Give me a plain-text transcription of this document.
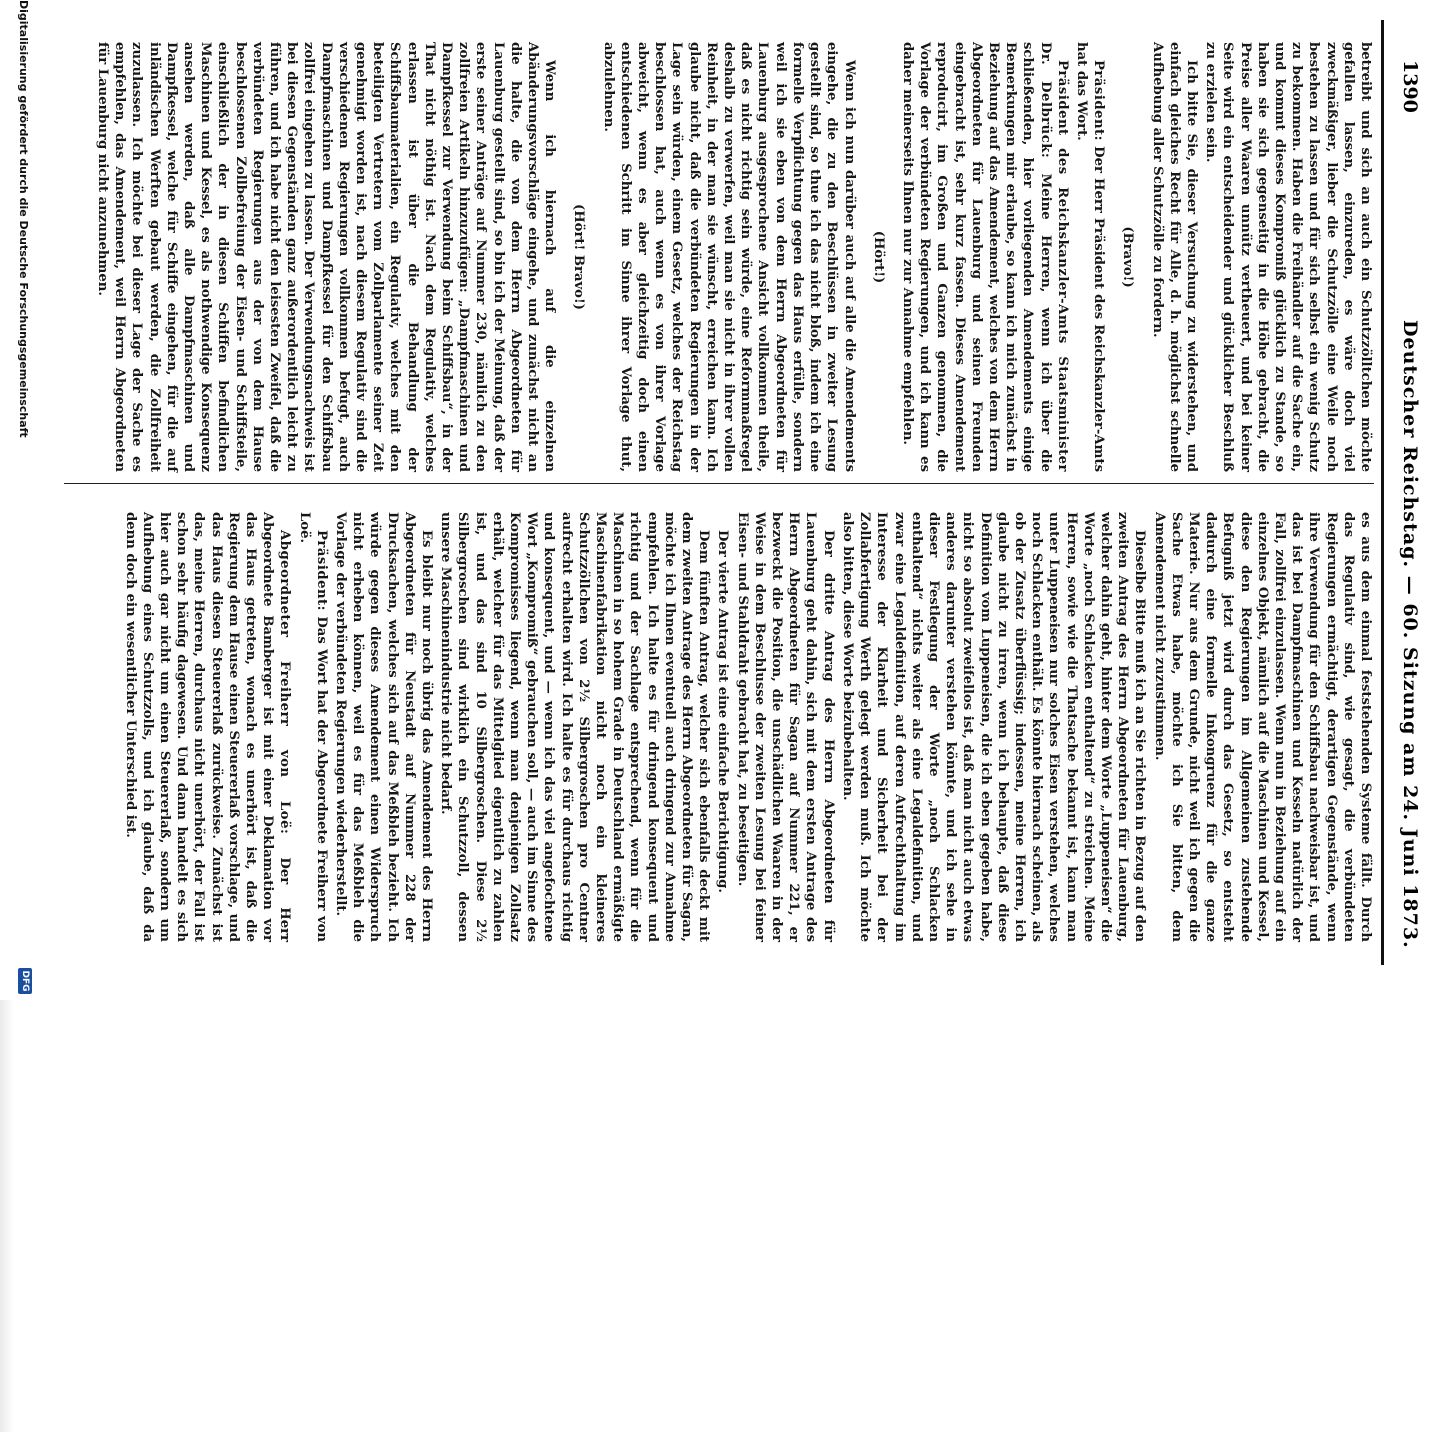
1390
Deutscher Reichstag. — 60. Sitzung am 24. Juni 1873.

betreibt und sich an auch ein Schutzzölltchen möchte gefallen lassen, einzureden, es wäre doch viel zweckmäßiger, lieber die Schutzzölle eine Weile noch bestehen zu lassen und für sich selbst ein wenig Schutz zu bekommen. Haben die Freihändler auf die Sache ein, und kommt dieses Kompromiß glücklich zu Stande, so haben sie sich gegenseitig in die Höhe gebracht, die Preise aller Waaren unnütz vertheuert, und bei keiner Seite wird ein entscheidender und glücklicher Beschluß zu erzielen sein.

Ich bitte Sie, dieser Versuchung zu widerstehen, und einfach gleiches Recht für Alle, d. h. möglichst schnelle Aufhebung aller Schutzzölle zu fordern.

(Bravo!)

Präsident: Der Herr Präsident des Reichskanzler-Amts hat das Wort.

Präsident des Reichskanzler-Amts Staatsminister Dr. Delbrück: Meine Herren, wenn ich über die schließenden, hier vorliegenden Amendements einige Bemerkungen mir erlaube, so kann ich mich zunächst in Beziehung auf das Amendement, welches von dem Herrn Abgeordneten für Lauenburg und seinen Freunden eingebracht ist, sehr kurz fassen. Dieses Amendement reproducirt, im Großen und Ganzen genommen, die Vorlage der verbündeten Regierungen, und ich kann es daher meinerseits Ihnen nur zur Annahme empfehlen.

(Hört!)

Wenn ich nun darüber auch auf alle die Amendements eingehe, die zu den Beschlüssen in zweiter Lesung gestellt sind, so thue ich das nicht bloß, indem ich eine formelle Verpflichtung gegen das Haus erfülle, sondern weil ich sie eben von dem Herrn Abgeordneten für Lauenburg ausgesprochene Ansicht vollkommen theile, daß es nicht richtig sein würde, eine Reformmaßregel deshalb zu verwerfen, weil man sie nicht in ihrer vollen Reinheit, in der man sie wünscht, erreichen kann. Ich glaube nicht, daß die verbündeten Regierungen in der Lage sein würden, einem Gesetz, welches der Reichstag beschlossen hat, auch wenn es von ihrer Vorlage abweicht, wenn es aber gleichzeitig doch einen entschiedenen Schritt im Sinne ihrer Vorlage thut, abzulehnen.

(Hört! Bravo!)

Wenn ich hiernach auf die einzelnen Abänderungsvorschläge eingehe, und zunächst nicht an die halte, die von dem Herrn Abgeordneten für Lauenburg gestellt sind, so bin ich der Meinung, daß der erste seiner Anträge auf Nummer 230, nämlich zu den zollfreien Artikeln hinzuzufügen: „Dampfmaschinen und Dampfkessel zur Verwendung beim Schiffsbau“, in der That nicht nöthig ist. Nach dem Regulativ, welches erlassen ist über die Behandlung der Schiffsbaumaterialien, ein Regulativ, welches mit den beteiligten Vertretern vom Zollparlamente seiner Zeit genehmigt worden ist, nach diesem Regulativ sind die verschiedenen Regierungen vollkommen befugt, auch Dampfmaschinen und Dampfkessel für den Schiffsbau zollfrei eingehen zu lassen. Der Verwendungsnachweis ist bei diesen Gegenständen ganz außerordentlich leicht zu führen, und ich habe nicht den leisesten Zweifel, daß die verbündeten Regierungen aus der von dem Hause beschlossenen Zollbefreiung der Eisen- und Schiffsteile, einschließlich der in diesen Schiffen befindlichen Maschinen und Kessel, es als nothwendige Konsequenz ansehen werden, daß alle Dampfmaschinen und Dampfkessel, welche für Schiffe eingehen, für die auf inländischen Werften gebaut werden, die Zollfreiheit zuzulassen. Ich möchte bei dieser Lage der Sache es empfehlen, das Amendement, weil Herrn Abgeordneten für Lauenburg nicht anzunehmen.

es aus dem einmal feststehenden Systeme fällt. Durch das Regulativ sind, wie gesagt, die verbündeten Regierungen ermächtigt, derartigen Gegenstände, wenn ihre Verwendung für den Schiffsbau nachweisbar ist, und das ist bei Dampfmaschinen und Kesseln natürlich der Fall, zollfrei einzulassen. Wenn nun in Beziehung auf ein einzelnes Objekt, nämlich auf die Maschinen und Kessel, diese den Regierungen im Allgemeinen zustehende Befugniß jetzt wird durch das Gesetz, so entsteht dadurch eine formelle Inkongruenz für die ganze Materie. Nur aus dem Grunde, nicht weil ich gegen die Sache Etwas habe, möchte ich Sie bitten, dem Amendement nicht zuzustimmen.

Dieselbe Bitte muß ich an Sie richten in Bezug auf den zweiten Antrag des Herrn Abgeordneten für Lauenburg, welcher dahin geht, hinter dem Worte „Luppeneisen“ die Worte „noch Schlacken enthaltend“ zu streichen. Meine Herren, sowie wie die Thatsache bekannt ist, kann man unter Luppeneisen nur solches Eisen verstehen, welches noch Schlacken enthält. Es könnte hiernach scheinen, als ob der Zusatz überflüssig; indessen, meine Herren, ich glaube nicht zu irren, wenn ich behaupte, daß diese Definition vom Luppeneisen, die ich eben gegeben habe, nicht so absolut zweifellos ist, daß man nicht auch etwas anderes darunter verstehen könnte, und ich sehe in dieser Festlegung der Worte „noch Schlacken enthaltend“ nichts weiter als eine Legaldefinition, und zwar eine Legaldefinition, auf deren Aufrechthaltung im Interesse der Klarheit und Sicherheit bei der Zollabfertigung Werth gelegt werden muß. Ich möchte also bitten, diese Worte beizubehalten.

Der dritte Antrag des Herrn Abgeordneten für Lauenburg geht dahin, sich mit dem ersten Antrage des Herrn Abgeordneten für Sagan auf Nummer 221, er bezweckt die Position, die unschädlichen Waaren in der Weise in dem Beschlusse der zweiten Lesung bei feiner Eisen- und Stahldraht gebracht hat, zu beseitigen.

Der vierte Antrag ist eine einfache Berichtigung.

Dem fünften Antrag, welcher sich ebenfalls deckt mit dem zweiten Antrage des Herrn Abgeordneten für Sagan, möchte ich Ihnen eventuell auch dringend zur Annahme empfehlen. Ich halte es für dringend konsequent und richtig und der Sachlage entsprechend, wenn für die Maschinen in so hohem Grade in Deutschland ermäßigte Maschinenfabrikation nicht noch ein kleineres Schutzzöllchen von 2½ Silbergroschen pro Centner aufrecht erhalten wird. Ich halte es für durchaus richtig und konsequent, und — wenn ich das viel angefochtene Wort „Kompromiß“ gebrauchen soll, — auch im Sinne des Kompromisses liegend, wenn man denjenigen Zollsatz erhält, welcher für das Mittelglied eigentlich zu zahlen ist, und das sind 10 Silbergroschen. Diese 2½ Silbergroschen sind wirklich ein Schutzzoll, dessen unsere Maschinenindustrie nicht bedarf.

Es bleibt nur noch übrig das Amendement des Herrn Abgeordneten für Neustadt auf Nummer 228 der Drucksachen, welches sich auf das Meßbleh bezieht. Ich würde gegen dieses Amendement einen Widerspruch nicht erheben können, weil es für das Meßbleh die Vorlage der verbündeten Regierungen wiederherstellt.

Präsident: Das Wort hat der Abgeordnete Freiherr von Loë.

Abgeordneter Freiherr von Loë: Der Herr Abgeordnete Bamberger ist mit einer Deklamation vor das Haus getreten, wonach es unerhört ist, daß die Regierung dem Hause einen Steuererlaß vorschlage, und das Haus diesen Steuererlaß zurückweise. Zunächst ist das, meine Herren, durchaus nicht unerhört, der Fall ist schon sehr häufig dagewesen. Und dann handelt es sich hier auch gar nicht um einen Steuererlaß, sondern um Aufhebung eines Schutzzolls, und ich glaube, daß da denn doch ein wesentlicher Unterschied ist.

Digitalisierung gefördert durch die Deutsche Forschungsgemeinschaft
DFG
